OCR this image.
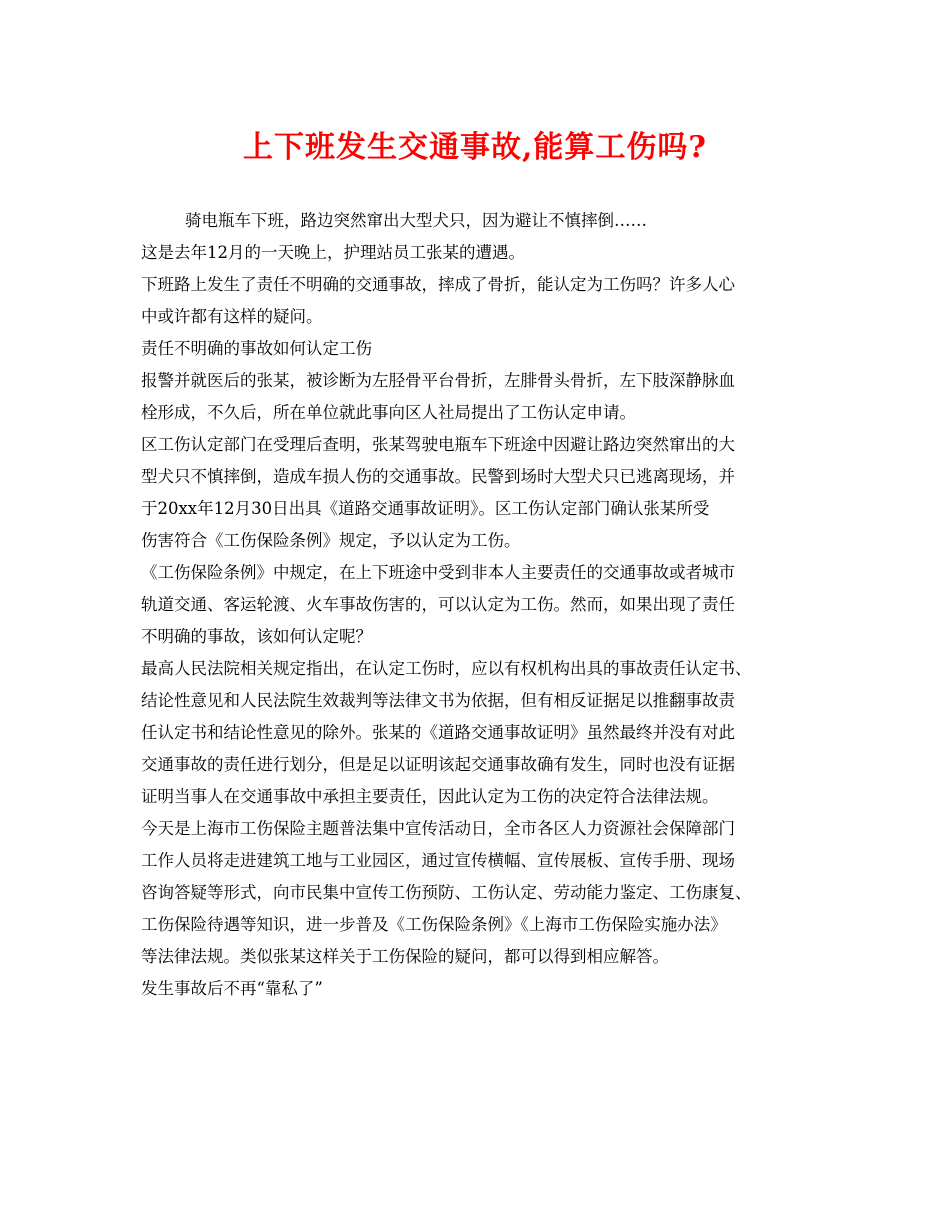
上下班发生交通事故,能算工伤吗?
骑电瓶车下班，路边突然窜出大型犬只，因为避让不慎摔倒……
这是去年12月的一天晚上，护理站员工张某的遭遇。
下班路上发生了责任不明确的交通事故，摔成了骨折，能认定为工伤吗？许多人心
中或许都有这样的疑问。
责任不明确的事故如何认定工伤
报警并就医后的张某，被诊断为左胫骨平台骨折，左腓骨头骨折，左下肢深静脉血
栓形成，不久后，所在单位就此事向区人社局提出了工伤认定申请。
区工伤认定部门在受理后查明，张某驾驶电瓶车下班途中因避让路边突然窜出的大
型犬只不慎摔倒，造成车损人伤的交通事故。民警到场时大型犬只已逃离现场，并
于20xx年12月30日出具《道路交通事故证明》。区工伤认定部门确认张某所受
伤害符合《工伤保险条例》规定，予以认定为工伤。
《工伤保险条例》中规定，在上下班途中受到非本人主要责任的交通事故或者城市
轨道交通、客运轮渡、火车事故伤害的，可以认定为工伤。然而，如果出现了责任
不明确的事故，该如何认定呢？
最高人民法院相关规定指出，在认定工伤时，应以有权机构出具的事故责任认定书、
结论性意见和人民法院生效裁判等法律文书为依据，但有相反证据足以推翻事故责
任认定书和结论性意见的除外。张某的《道路交通事故证明》虽然最终并没有对此
交通事故的责任进行划分，但是足以证明该起交通事故确有发生，同时也没有证据
证明当事人在交通事故中承担主要责任，因此认定为工伤的决定符合法律法规。
今天是上海市工伤保险主题普法集中宣传活动日，全市各区人力资源社会保障部门
工作人员将走进建筑工地与工业园区，通过宣传横幅、宣传展板、宣传手册、现场
咨询答疑等形式，向市民集中宣传工伤预防、工伤认定、劳动能力鉴定、工伤康复、
工伤保险待遇等知识，进一步普及《工伤保险条例》《上海市工伤保险实施办法》
等法律法规。类似张某这样关于工伤保险的疑问，都可以得到相应解答。
发生事故后不再“靠私了”
